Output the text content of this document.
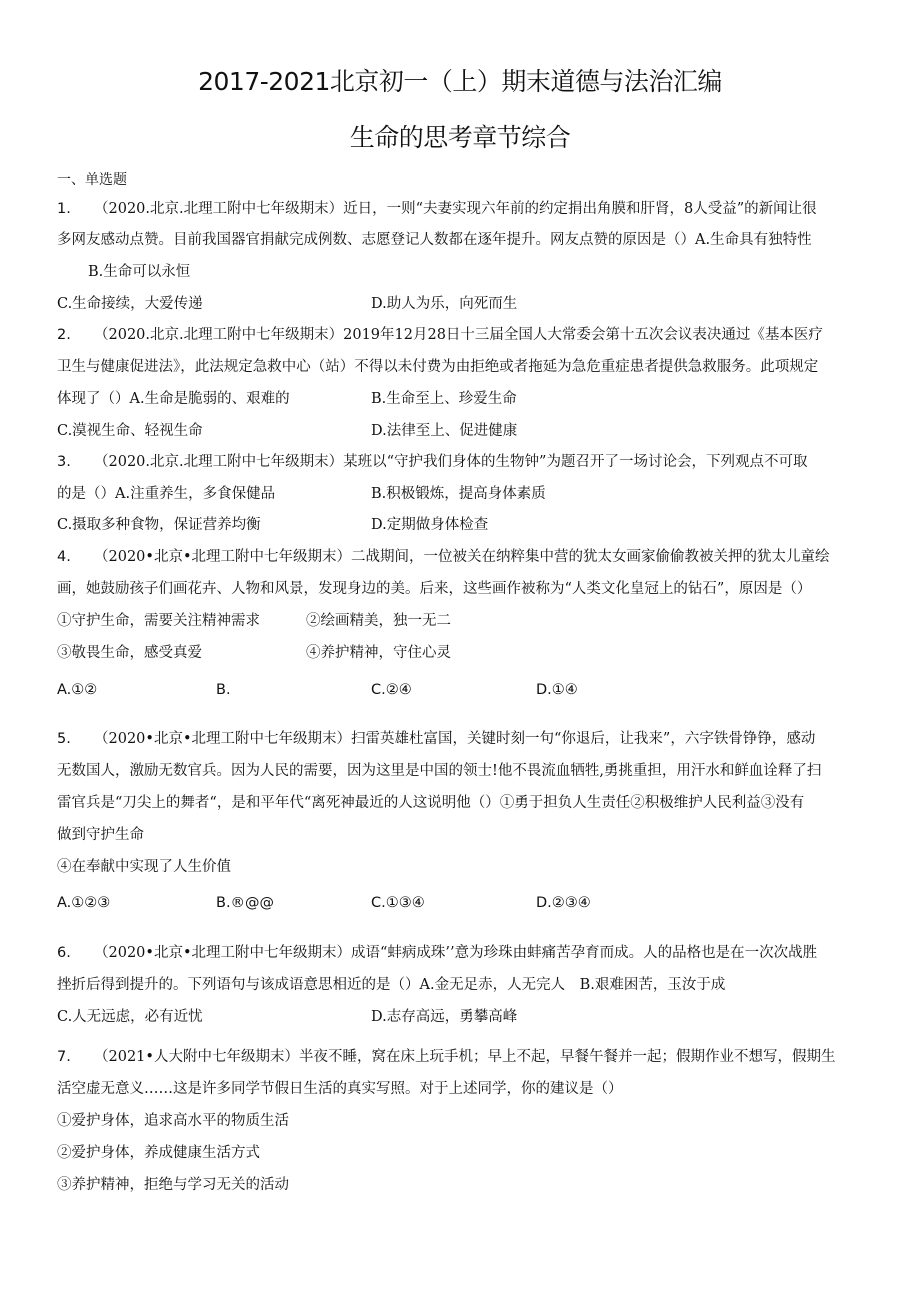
2017-2021北京初一（上）期末道德与法治汇编
生命的思考章节综合
一、单选题
1. （2020.北京.北理工附中七年级期末）近日，一则“夫妻实现六年前的约定捐出角膜和肝肾，8人受益”的新闻让很
多网友感动点赞。目前我国器官捐献完成例数、志愿登记人数都在逐年提升。网友点赞的原因是（）A.生命具有独特性
B.生命可以永恒
C.生命接续，大爱传递	D.助人为乐，向死而生
2. （2020.北京.北理工附中七年级期末）2019年12月28日十三届全国人大常委会第十五次会议表决通过《基本医疗
卫生与健康促进法》，此法规定急救中心（站）不得以未付费为由拒绝或者拖延为急危重症患者提供急救服务。此项规定
体现了（）A.生命是脆弱的、艰难的	B.生命至上、珍爱生命
C.漠视生命、轻视生命	D.法律至上、促进健康
3. （2020.北京.北理工附中七年级期末）某班以“守护我们身体的生物钟”为题召开了一场讨论会，下列观点不可取
的是（）A.注重养生，多食保健品	B.积极锻炼，提高身体素质
C.摄取多种食物，保证营养均衡	D.定期做身体检查
4. （2020•北京•北理工附中七年级期末）二战期间，一位被关在纳粹集中营的犹太女画家偷偷教被关押的犹太儿童绘
画，她鼓励孩子们画花卉、人物和风景，发现身边的美。后来，这些画作被称为“人类文化皇冠上的钻石”，原因是（）
①守护生命，需要关注精神需求	②绘画精美，独一无二
③敬畏生命，感受真爱	④养护精神，守住心灵
A.①②	B.	C.②④	D.①④
5. （2020•北京•北理工附中七年级期末）扫雷英雄杜富国，关键时刻一句“你退后，让我来”，六字铁骨铮铮，感动
无数国人，激励无数官兵。因为人民的需要，因为这里是中国的领士!他不畏流血牺牲,勇挑重担，用汗水和鲜血诠释了扫
雷官兵是“刀尖上的舞者“，是和平年代“离死神最近的人这说明他（）①勇于担负人生责任②积极维护人民利益③没有
做到守护生命
④在奉献中实现了人生价值
A.①②③	B.®@@	C.①③④	D.②③④
6. （2020•北京•北理工附中七年级期末）成语“蚌病成珠’’意为珍珠由蚌痛苦孕育而成。人的品格也是在一次次战胜
挫折后得到提升的。下列语句与该成语意思相近的是（）A.金无足赤，人无完人　B.艰难困苦，玉汝于成
C.人无远虑，必有近忧	D.志存高远，勇攀高峰
7. （2021•人大附中七年级期末）半夜不睡，窝在床上玩手机；早上不起，早餐午餐并一起；假期作业不想写，假期生
活空虚无意义……这是许多同学节假日生活的真实写照。对于上述同学，你的建议是（）
①爱护身体，追求高水平的物质生活
②爱护身体，养成健康生活方式
③养护精神，拒绝与学习无关的活动
